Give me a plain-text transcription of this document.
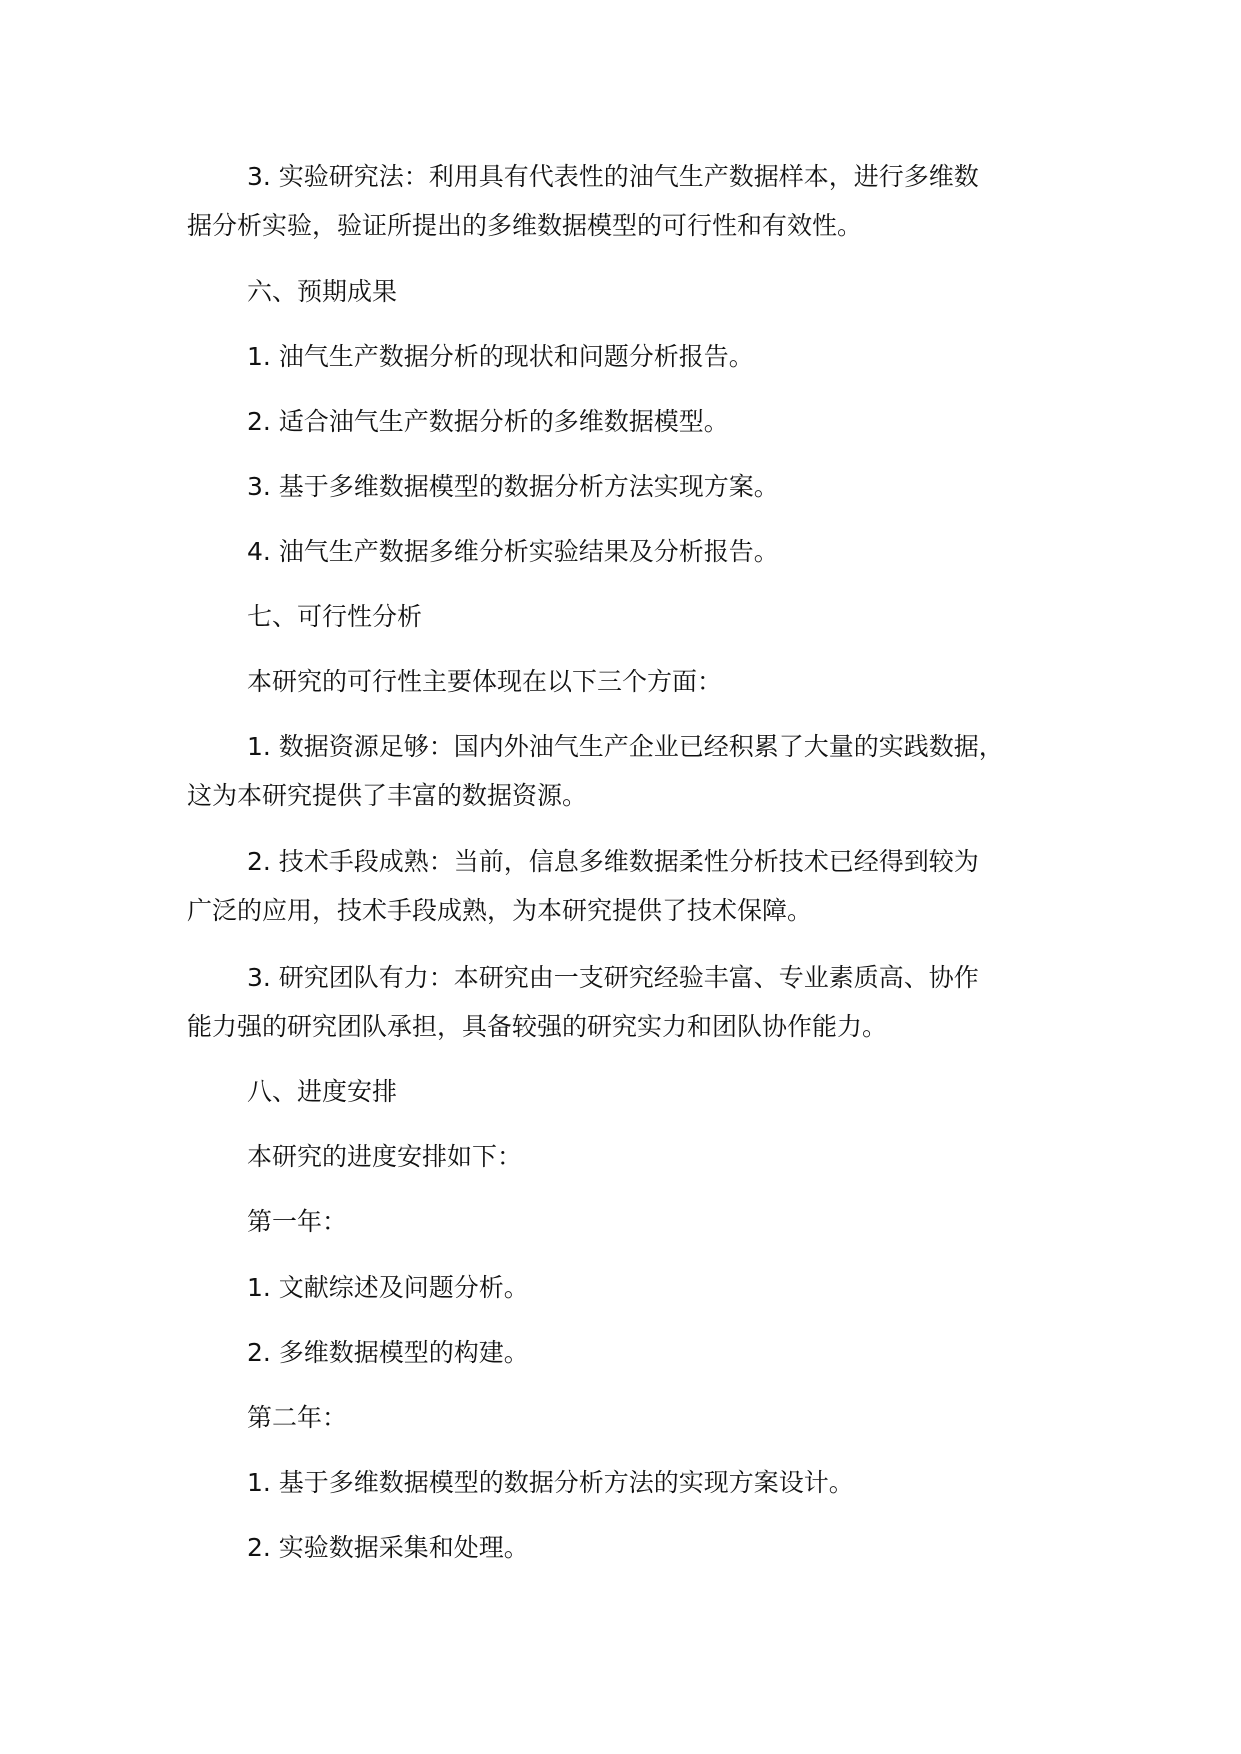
3. 实验研究法：利用具有代表性的油气生产数据样本，进行多维数

据分析实验，验证所提出的多维数据模型的可行性和有效性。

六、预期成果

1. 油气生产数据分析的现状和问题分析报告。

2. 适合油气生产数据分析的多维数据模型。

3. 基于多维数据模型的数据分析方法实现方案。

4. 油气生产数据多维分析实验结果及分析报告。

七、可行性分析

本研究的可行性主要体现在以下三个方面：

1. 数据资源足够：国内外油气生产企业已经积累了大量的实践数据，

这为本研究提供了丰富的数据资源。

2. 技术手段成熟：当前，信息多维数据柔性分析技术已经得到较为

广泛的应用，技术手段成熟，为本研究提供了技术保障。

3. 研究团队有力：本研究由一支研究经验丰富、专业素质高、协作

能力强的研究团队承担，具备较强的研究实力和团队协作能力。

八、进度安排

本研究的进度安排如下：

第一年：

1. 文献综述及问题分析。

2. 多维数据模型的构建。

第二年：

1. 基于多维数据模型的数据分析方法的实现方案设计。

2. 实验数据采集和处理。
